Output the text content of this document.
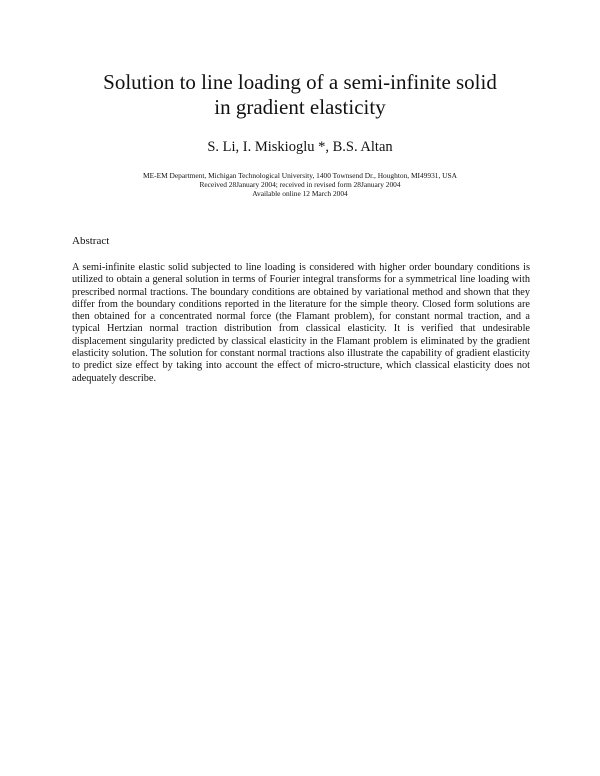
Solution to line loading of a semi-infinite solid
in gradient elasticity

S. Li, I. Miskioglu *, B.S. Altan

ME-EM Department, Michigan Technological University, 1400 Townsend Dr., Houghton, MI49931, USA
Received 28January 2004; received in revised form 28January 2004
Available online 12 March 2004
Abstract

A semi-infinite elastic solid subjected to line loading is considered with higher order boundary conditions is utilized to obtain a general solution in terms of Fourier integral transforms for a symmetrical line loading with prescribed normal tractions. The boundary conditions are obtained by variational method and shown that they differ from the boundary conditions reported in the literature for the simple theory. Closed form solutions are then obtained for a concentrated normal force (the Flamant problem), for constant normal traction, and a typical Hertzian normal traction distribution from classical elasticity. It is verified that undesirable displacement singularity predicted by classical elasticity in the Flamant problem is eliminated by the gradient elasticity solution. The solution for constant normal tractions also illustrate the capability of gradient elasticity to predict size effect by taking into account the effect of micro-structure, which classical elasticity does not adequately describe.
